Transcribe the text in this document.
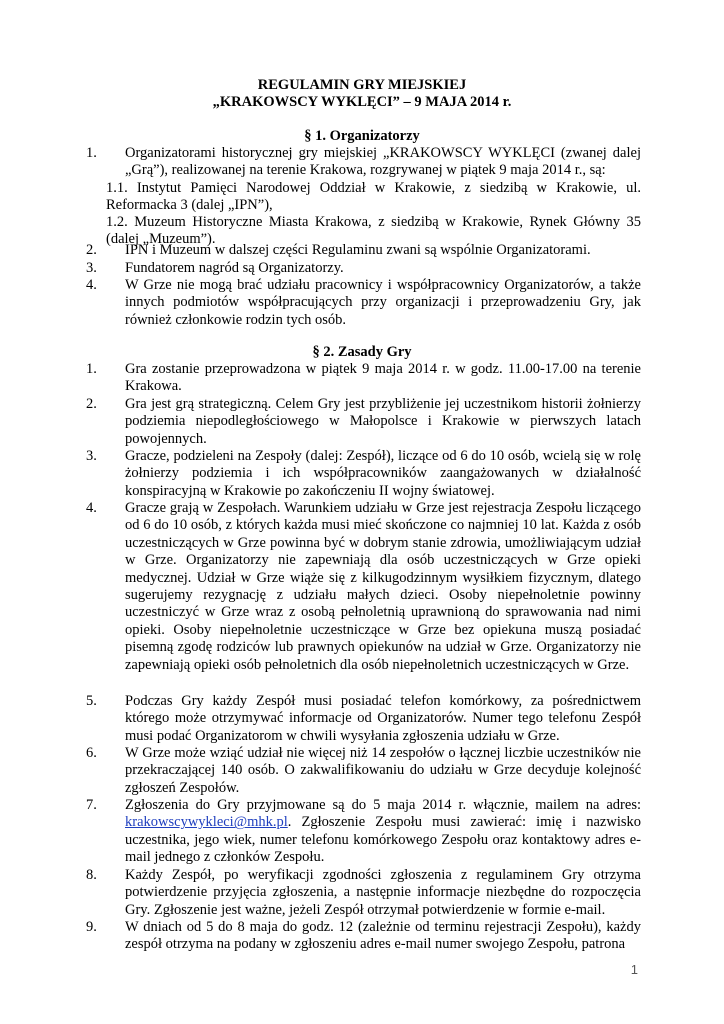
REGULAMIN GRY MIEJSKIEJ
„KRAKOWSCY WYKLĘCI” – 9 MAJA 2014 r.
§ 1. Organizatorzy
1.	Organizatorami historycznej gry miejskiej „KRAKOWSCY WYKLĘCI (zwanej dalej „Grą”), realizowanej na terenie Krakowa, rozgrywanej w piątek 9 maja 2014 r., są:
1.1. Instytut Pamięci Narodowej Oddział w Krakowie, z siedzibą w Krakowie, ul. Reformacka 3 (dalej „IPN”),
1.2. Muzeum Historyczne Miasta Krakowa, z siedzibą w Krakowie, Rynek Główny 35 (dalej „Muzeum”).
2.	IPN i Muzeum w dalszej części Regulaminu zwani są wspólnie Organizatorami.
3.	Fundatorem nagród są Organizatorzy.
4.	W Grze nie mogą brać udziału pracownicy i współpracownicy Organizatorów, a także innych podmiotów współpracujących przy organizacji i przeprowadzeniu Gry, jak również członkowie rodzin tych osób.
§ 2. Zasady Gry
1.	Gra zostanie przeprowadzona w piątek 9 maja 2014 r. w godz. 11.00-17.00 na terenie Krakowa.
2.	Gra jest grą strategiczną. Celem Gry jest przybliżenie jej uczestnikom historii żołnierzy podziemia niepodległościowego w Małopolsce i Krakowie w pierwszych latach powojennych.
3.	Gracze, podzieleni na Zespoły (dalej: Zespół), liczące od 6 do 10 osób, wcielą się w rolę żołnierzy podziemia i ich współpracowników zaangażowanych w działalność konspiracyjną w Krakowie po zakończeniu II wojny światowej.
4.	Gracze grają w Zespołach. Warunkiem udziału w Grze jest rejestracja Zespołu liczącego od 6 do 10 osób, z których każda musi mieć skończone co najmniej 10 lat. Każda z osób uczestniczących w Grze powinna być w dobrym stanie zdrowia, umożliwiającym udział w Grze. Organizatorzy nie zapewniają dla osób uczestniczących w Grze opieki medycznej. Udział w Grze wiąże się z kilkugodzinnym wysiłkiem fizycznym, dlatego sugerujemy rezygnację z udziału małych dzieci. Osoby niepełnoletnie powinny uczestniczyć w Grze wraz z osobą pełnoletnią uprawnioną do sprawowania nad nimi opieki. Osoby niepełnoletnie uczestniczące w Grze bez opiekuna muszą posiadać pisemną zgodę rodziców lub prawnych opiekunów na udział w Grze. Organizatorzy nie zapewniają opieki osób pełnoletnich dla osób niepełnoletnich uczestniczących w Grze.
5.	Podczas Gry każdy Zespół musi posiadać telefon komórkowy, za pośrednictwem którego może otrzymywać informacje od Organizatorów. Numer tego telefonu Zespół musi podać Organizatorom w chwili wysyłania zgłoszenia udziału w Grze.
6.	W Grze może wziąć udział nie więcej niż 14 zespołów o łącznej liczbie uczestników nie przekraczającej 140 osób. O zakwalifikowaniu do udziału w Grze decyduje kolejność zgłoszeń Zespołów.
7.	Zgłoszenia do Gry przyjmowane są do 5 maja 2014 r. włącznie, mailem na adres: krakowscywykleci@mhk.pl. Zgłoszenie Zespołu musi zawierać: imię i nazwisko uczestnika, jego wiek, numer telefonu komórkowego Zespołu oraz kontaktowy adres e-mail jednego z członków Zespołu.
8.	Każdy Zespół, po weryfikacji zgodności zgłoszenia z regulaminem Gry otrzyma potwierdzenie przyjęcia zgłoszenia, a następnie informacje niezbędne do rozpoczęcia Gry. Zgłoszenie jest ważne, jeżeli Zespół otrzymał potwierdzenie w formie e-mail.
9.	W dniach od 5 do 8 maja do godz. 12 (zależnie od terminu rejestracji Zespołu), każdy zespół otrzyma na podany w zgłoszeniu adres e-mail numer swojego Zespołu, patrona
1
